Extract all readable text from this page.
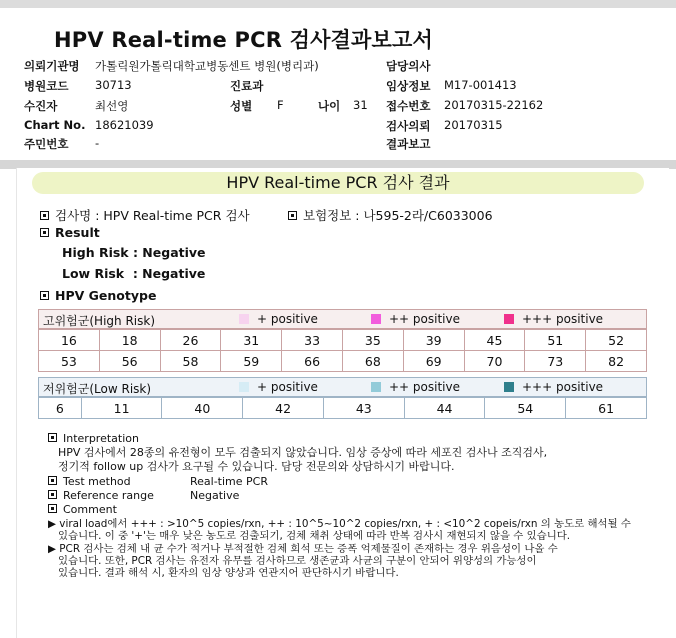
HPV Real-time PCR 검사결과보고서
의뢰기관명 가톨릭원가톨릭대학교병동센트 병원(병리과)
병원코드 30713
수진자	최선영
Chart No. 18621039
주민번호 -
진료과
성별 F	나이 31
담당의사
임상정보 M17-001413
접수번호 20170315-22162
검사의뢰 20170315
결과보고
HPV Real-time PCR 검사 결과
검사명 : HPV Real-time PCR 검사	보험정보 : 나595-2라/C6033006
Result
High Risk : Negative
Low Risk  : Negative
HPV Genotype
고위험군(High Risk)	+ positive	++ positive	+++ positive
16	18	26	31	33	35	39	45	51	52
53	56	58	59	66	68	69	70	73	82
저위험군(Low Risk)	+ positive	++ positive	+++ positive
6	11	40	42	43	44	54	61
Interpretation
HPV 검사에서 28종의 유전형이 모두 검출되지 않았습니다. 임상 증상에 따라 세포진 검사나 조직검사,
정기적 follow up 검사가 요구될 수 있습니다. 담당 전문의와 상담하시기 바랍니다.
Test method	Real-time PCR
Reference range	Negative
Comment
▶ viral load에서 +++ : >10^5 copies/rxn, ++ : 10^5~10^2 copies/rxn, + : <10^2 copeis/rxn 의 농도로 해석될 수
있습니다. 이 중 '+'는 매우 낮은 농도로 검출되기, 검체 채취 상태에 따라 반복 검사시 재현되지 않을 수 있습니다.
▶ PCR 검사는 검체 내 균 수가 적거나 부적절한 검체 희석 또는 증폭 억제물질이 존재하는 경우 위음성이 나올 수
있습니다. 또한, PCR 검사는 유전자 유무를 검사하므로 생존균과 사균의 구분이 안되어 위양성의 가능성이
있습니다. 결과 해석 시, 환자의 임상 양상과 연관지어 판단하시기 바랍니다.
